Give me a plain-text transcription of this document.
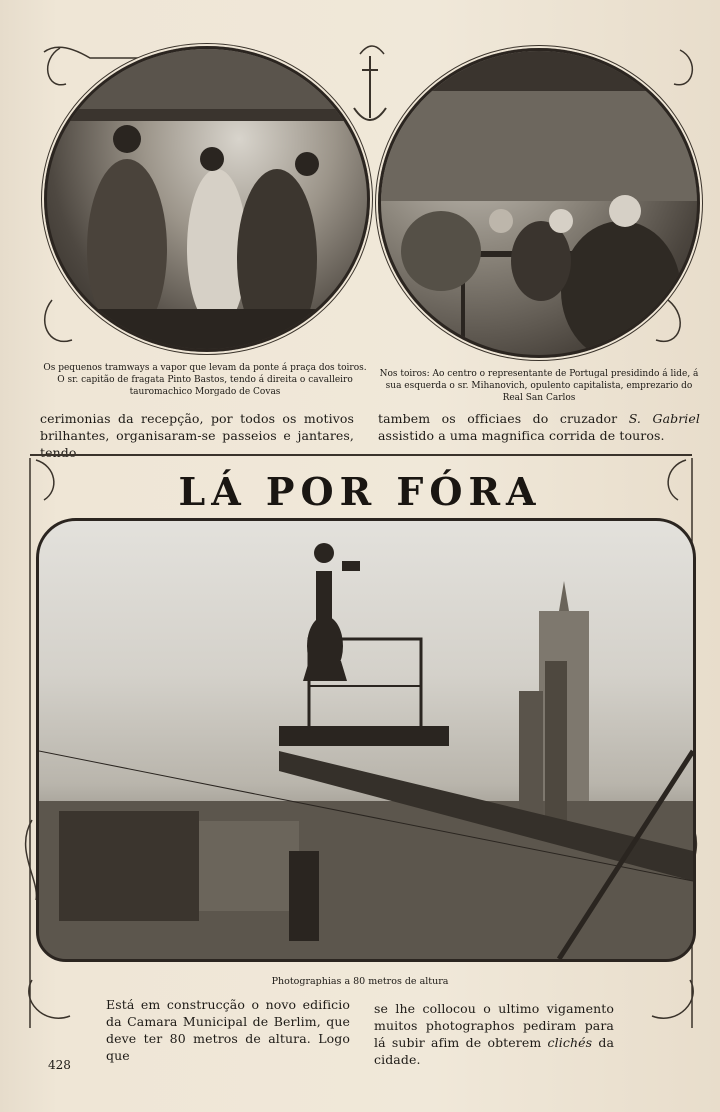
Os pequenos tramways a vapor que levam da ponte á praça dos toiros. O sr. capitão de fragata Pinto Bastos, tendo á direita o cavalleiro tauromachico Morgado de Covas
Nos toiros: Ao centro o representante de Portugal presidindo á lide, á sua esquerda o sr. Mihanovich, opulento capitalista, emprezario do Real San Carlos
cerimonias da recepção, por todos os motivos brilhantes, organisaram-se passeios e jantares, tendo
tambem os officiaes do cruzador S. Gabriel assistido a uma magnifica corrida de touros.
LÁ POR FÓRA
Photographias a 80 metros de altura
Está em construcção o novo edificio da Camara Municipal de Berlim, que deve ter 80 metros de altura. Logo que
se lhe collocou o ultimo vigamento muitos photographos pediram para lá subir afim de obterem clichés da cidade.
428
